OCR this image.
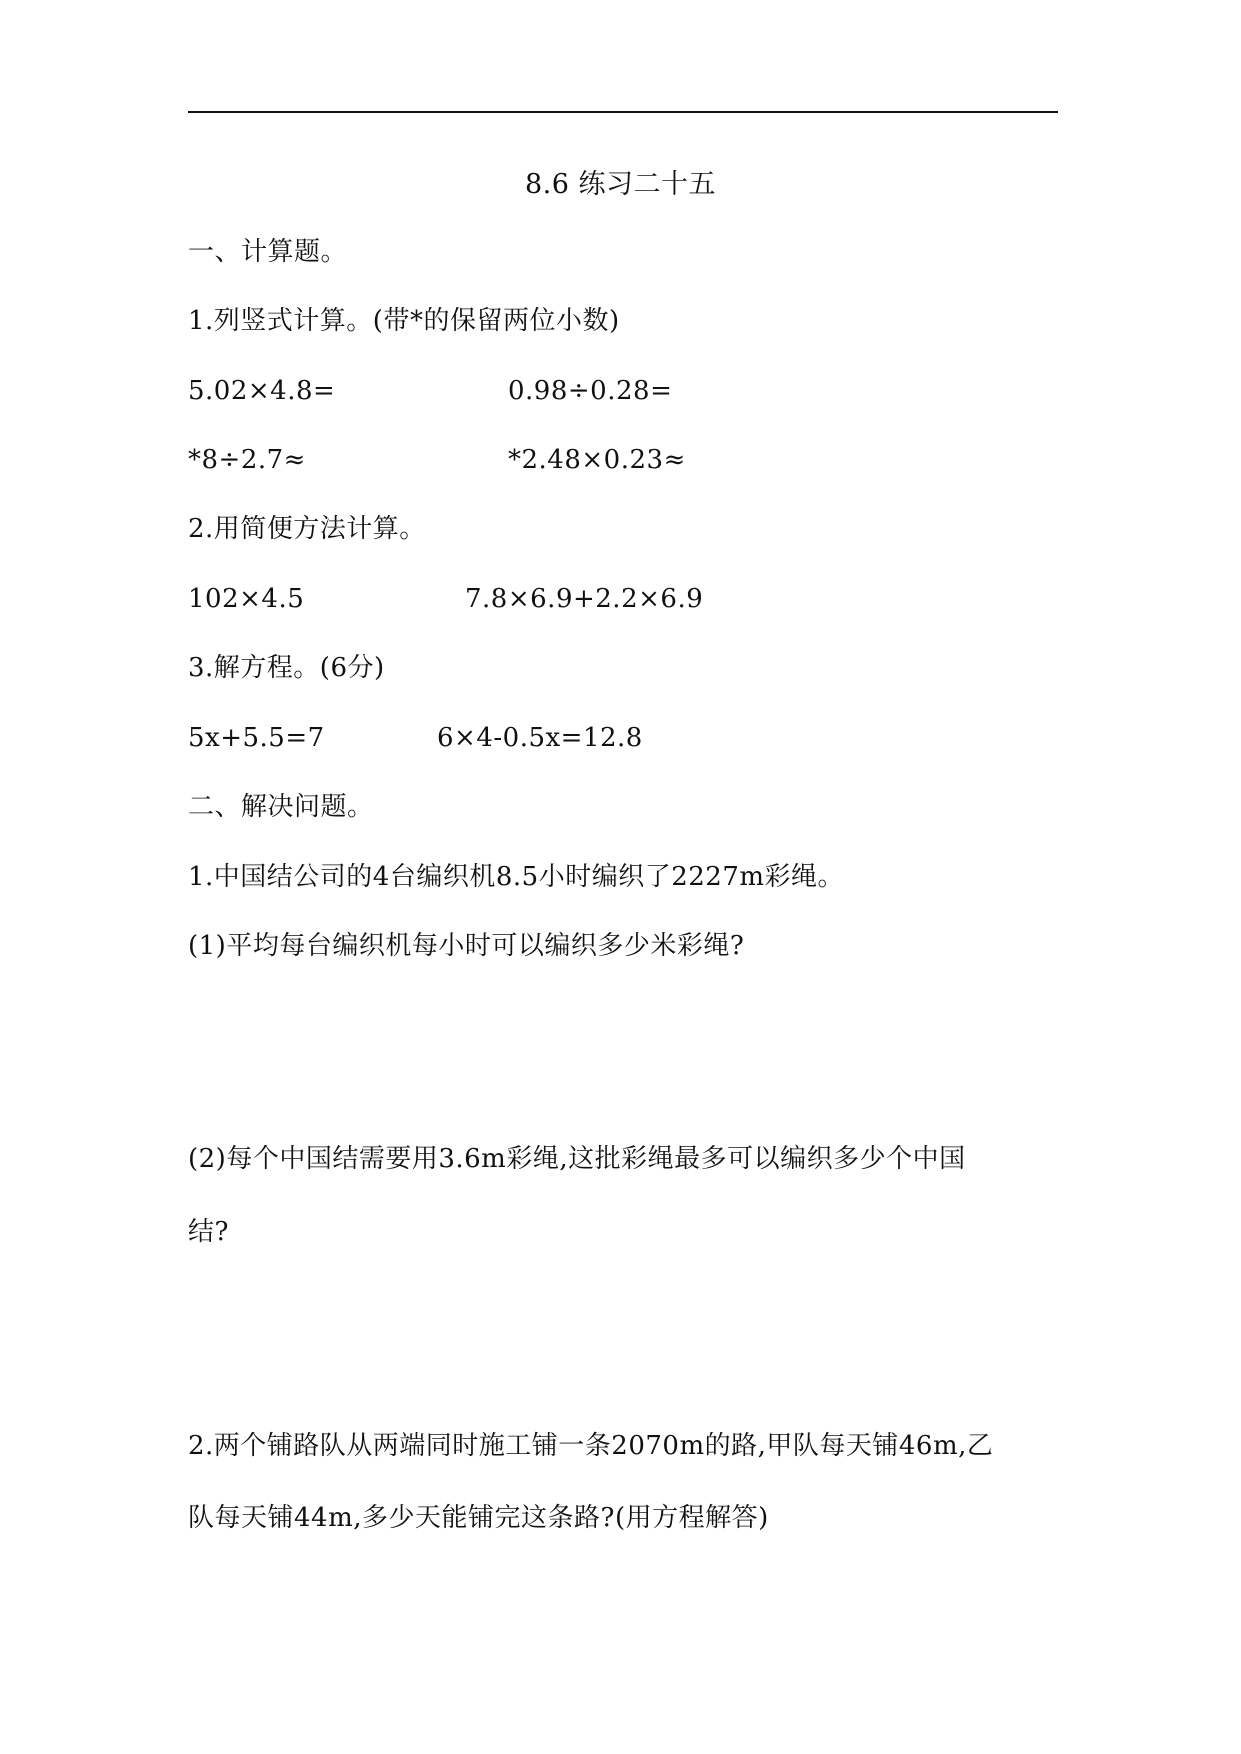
8.6 练习二十五
一、计算题。
1.列竖式计算。(带*的保留两位小数)
5.02×4.8=	0.98÷0.28=
*8÷2.7≈	*2.48×0.23≈
2.用简便方法计算。
102×4.5	7.8×6.9+2.2×6.9
3.解方程。(6分)
5x+5.5=7	6×4-0.5x=12.8
二、解决问题。
1.中国结公司的4台编织机8.5小时编织了2227m彩绳。
(1)平均每台编织机每小时可以编织多少米彩绳?
(2)每个中国结需要用3.6m彩绳,这批彩绳最多可以编织多少个中国
结?
2.两个铺路队从两端同时施工铺一条2070m的路,甲队每天铺46m,乙
队每天铺44m,多少天能铺完这条路?(用方程解答)
